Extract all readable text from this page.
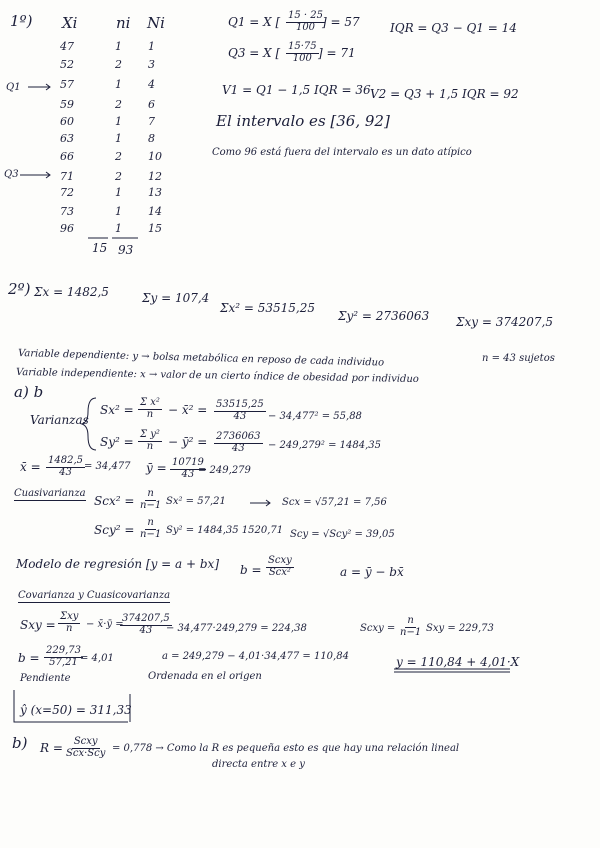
1º) Xi	ni Ni
Q1
Q3
47	1 1
52	2 3
57	1 4
59	2 6
60	1 7
63	1 8
66	2 10
71	2 12
72	1 13
73	1 14
96	1 15
15 93
Q1 = X [ $\frac{15 \cdot 25}{100}$
] = 57
Q3 = X [ $\frac{15\cdot 75}{100}$ ] = 71
IQR = Q3 − Q1 = 14
V1 = Q1 − 1,5 IQR = 36 V2 = Q3 + 1,5 IQR = 92
El intervalo es [36, 92]
Como 96 está fuera del intervalo es un dato atípico
2º) Σx = 1482,5	Σy = 107,4
Σx² = 53515,25
Σy² = 2736063 Σxy = 374207,5
Variable dependiente: y → bolsa metabólica en reposo de cada individuo	n = 43 sujetos
Variable independiente: x → valor de un cierto índice de obesidad por individuo
a) b
Varianzas
$Sx^2 = \frac{\text{Σ x²}}{n}$ − x̄² = $\frac{53515,25}{43} - 34,477^2 = 55,88$
$Sy^2 = \frac{\text{Σ y²}}{n}$ − ȳ² = $\frac{2736063}{43} - 249,279^2 = 1484,35$
x̄ = $\frac{1482,5}{43} = 34,477$ ȳ = $\frac{10719}{43}$
= 249,279
Cuasivarianza
$Scx^2 = \frac{n}{n-1} Sx^2 = 57,21$	Scx = √57,21 = 7,56
$Scy^2 = \frac{n}{n-1} Sy^2 = 1484,35$ 1520,71 Scy = √Scy² = 39,05
Modelo de regresión [y = a + bx] b =
Scxy
Scx²	a = ȳ − bx̄
Covarianza y Cuasicovarianza
Sxy =
Σxy
n − x̄·ȳ =
$\frac{374207,5}{43}$
− 34,477·249,279 = 224,38	Scxy = $\frac{n}{n-1}$ Sxy = 229,73
$b = \frac{229,73}{57,21}$
= 4,01	a = 249,279 − 4,01·34,477 = 110,84
Pendiente	Ordenada en el origen
y = 110,84 + 4,01·X
ŷ (x=50) = 311,33
b) R = Scxy
Scx·Scy = 0,778 → Como la R es pequeña esto es que hay una relación lineal
directa entre x e y
